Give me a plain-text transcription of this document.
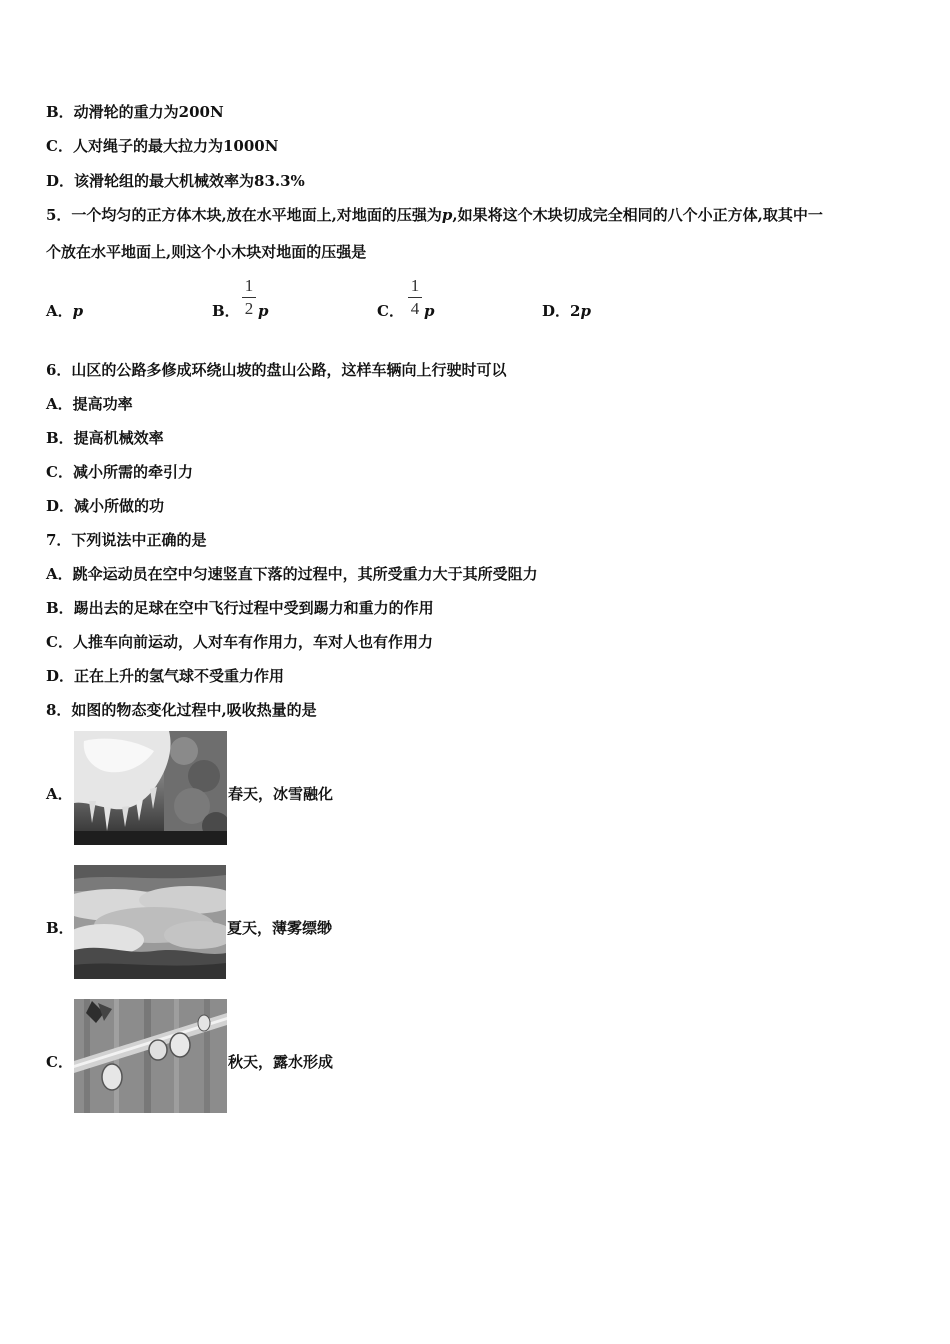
B．动滑轮的重力为200N
C．人对绳子的最大拉力为1000N
D．该滑轮组的最大机械效率为83.3%
5．一个均匀的正方体木块,放在水平地面上,对地面的压强为p,如果将这个木块切成完全相同的八个小正方体,取其中一
个放在水平地面上,则这个小木块对地面的压强是
A．p	B．
1
2 p	C．
1
4 p	D．2p
6．山区的公路多修成环绕山坡的盘山公路，这样车辆向上行驶时可以
A．提高功率
B．提高机械效率
C．减小所需的牵引力
D．减小所做的功
7．下列说法中正确的是
A．跳伞运动员在空中匀速竖直下落的过程中，其所受重力大于其所受阻力
B．踢出去的足球在空中飞行过程中受到踢力和重力的作用
C．人推车向前运动，人对车有作用力，车对人也有作用力
D．正在上升的氢气球不受重力作用
8．如图的物态变化过程中,吸收热量的是
A．	春天，冰雪融化
B．	夏天，薄雾缥缈
C．	秋天，露水形成
